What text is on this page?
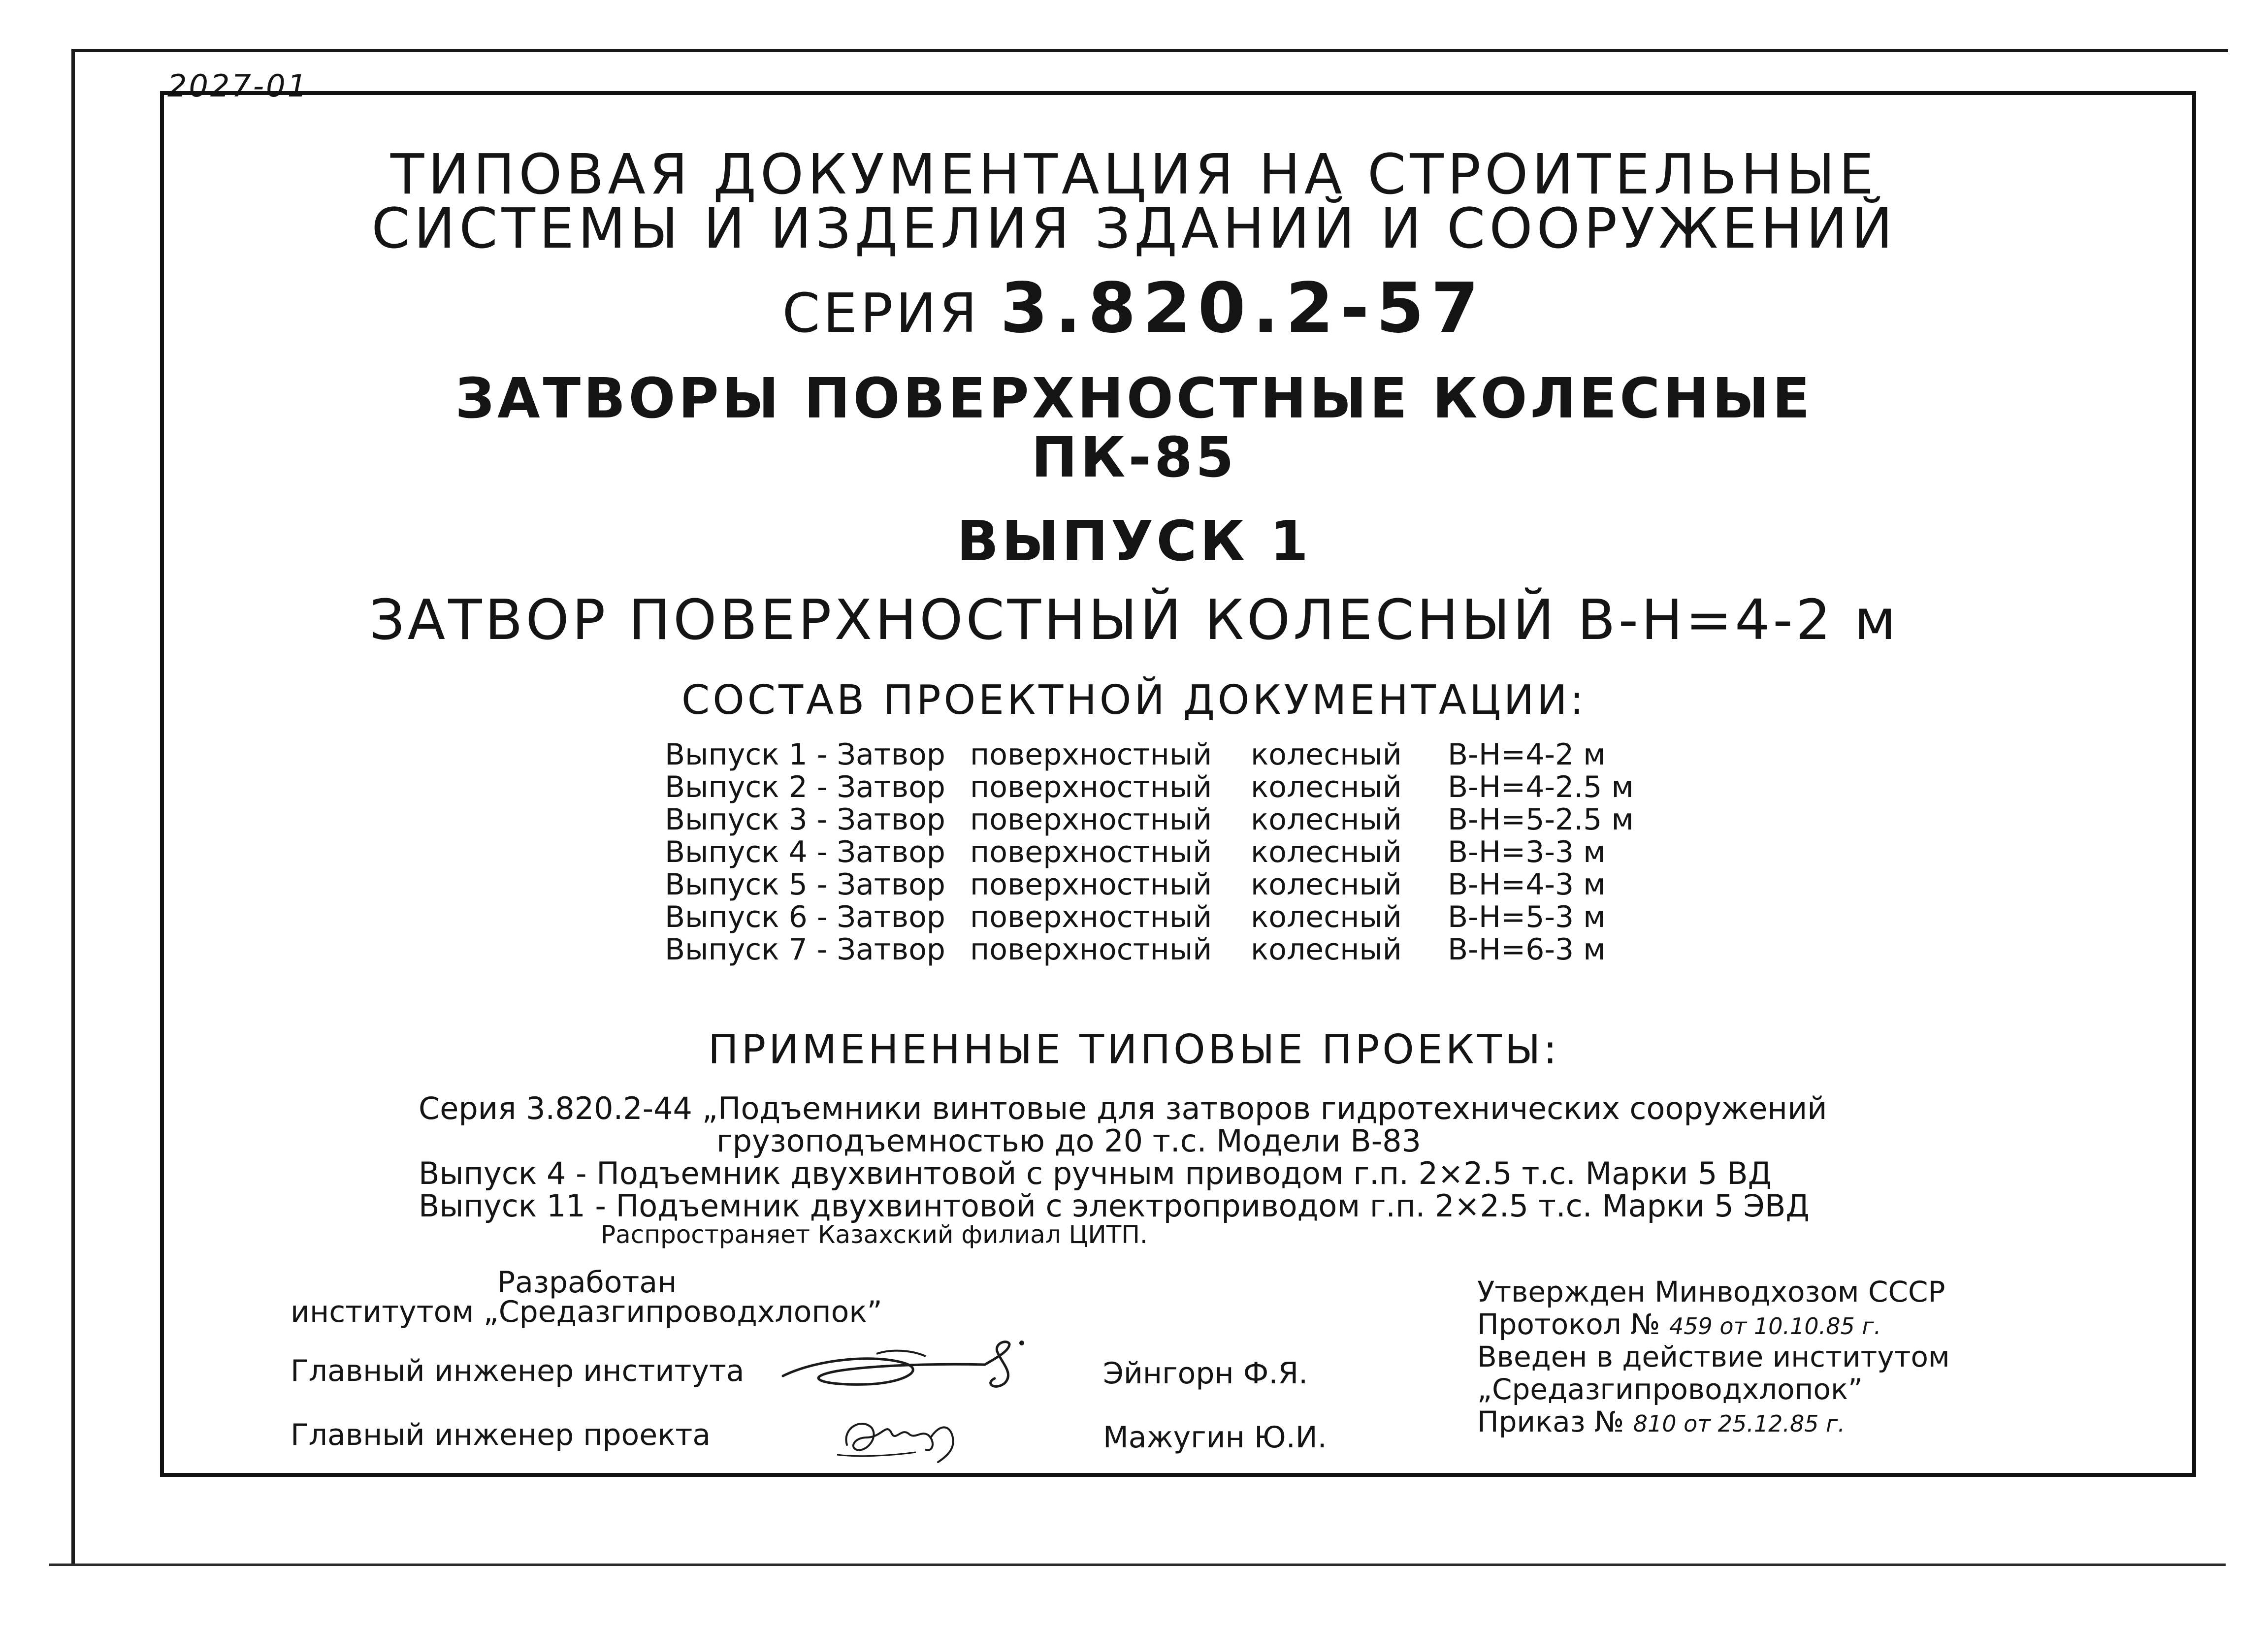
2027-01
ТИПОВАЯ ДОКУМЕНТАЦИЯ НА СТРОИТЕЛЬНЫЕ
СИСТЕМЫ И ИЗДЕЛИЯ ЗДАНИЙ И СООРУЖЕНИЙ
СЕРИЯ 3.820.2-57
ЗАТВОРЫ ПОВЕРХНОСТНЫЕ КОЛЕСНЫЕ
ПК-85
ВЫПУСК 1
ЗАТВОР ПОВЕРХНОСТНЫЙ КОЛЕСНЫЙ В-Н=4-2 м
СОСТАВ ПРОЕКТНОЙ ДОКУМЕНТАЦИИ:
Выпуск 1 - Затвор поверхностный	колесный	В-Н=4-2 м
Выпуск 2 - Затвор поверхностный	колесный	В-Н=4-2.5 м
Выпуск 3 - Затвор поверхностный	колесный	В-Н=5-2.5 м
Выпуск 4 - Затвор поверхностный	колесный	В-Н=3-3 м
Выпуск 5 - Затвор поверхностный	колесный	В-Н=4-3 м
Выпуск 6 - Затвор поверхностный	колесный	В-Н=5-3 м
Выпуск 7 - Затвор поверхностный	колесный	В-Н=6-3 м
ПРИМЕНЕННЫЕ ТИПОВЫЕ ПРОЕКТЫ:
Серия 3.820.2-44 „Подъемники винтовые для затворов гидротехнических сооружений
грузоподъемностью до 20 т.с. Модели В-83
Выпуск 4 - Подъемник двухвинтовой с ручным приводом г.п. 2×2.5 т.с. Марки 5 ВД
Выпуск 11 - Подъемник двухвинтовой с электроприводом г.п. 2×2.5 т.с. Марки 5 ЭВД
Распространяет Казахский филиал ЦИТП.
Разработан
институтом „Средазгипроводхлопок”
Главный инженер института	Эйнгорн Ф.Я.
Главный инженер проекта	Мажугин Ю.И.
Утвержден Минводхозом СССР
Протокол № 459 от 10.10.85 г.
Введен в действие институтом
„Средазгипроводхлопок”
Приказ № 810 от 25.12.85 г.
